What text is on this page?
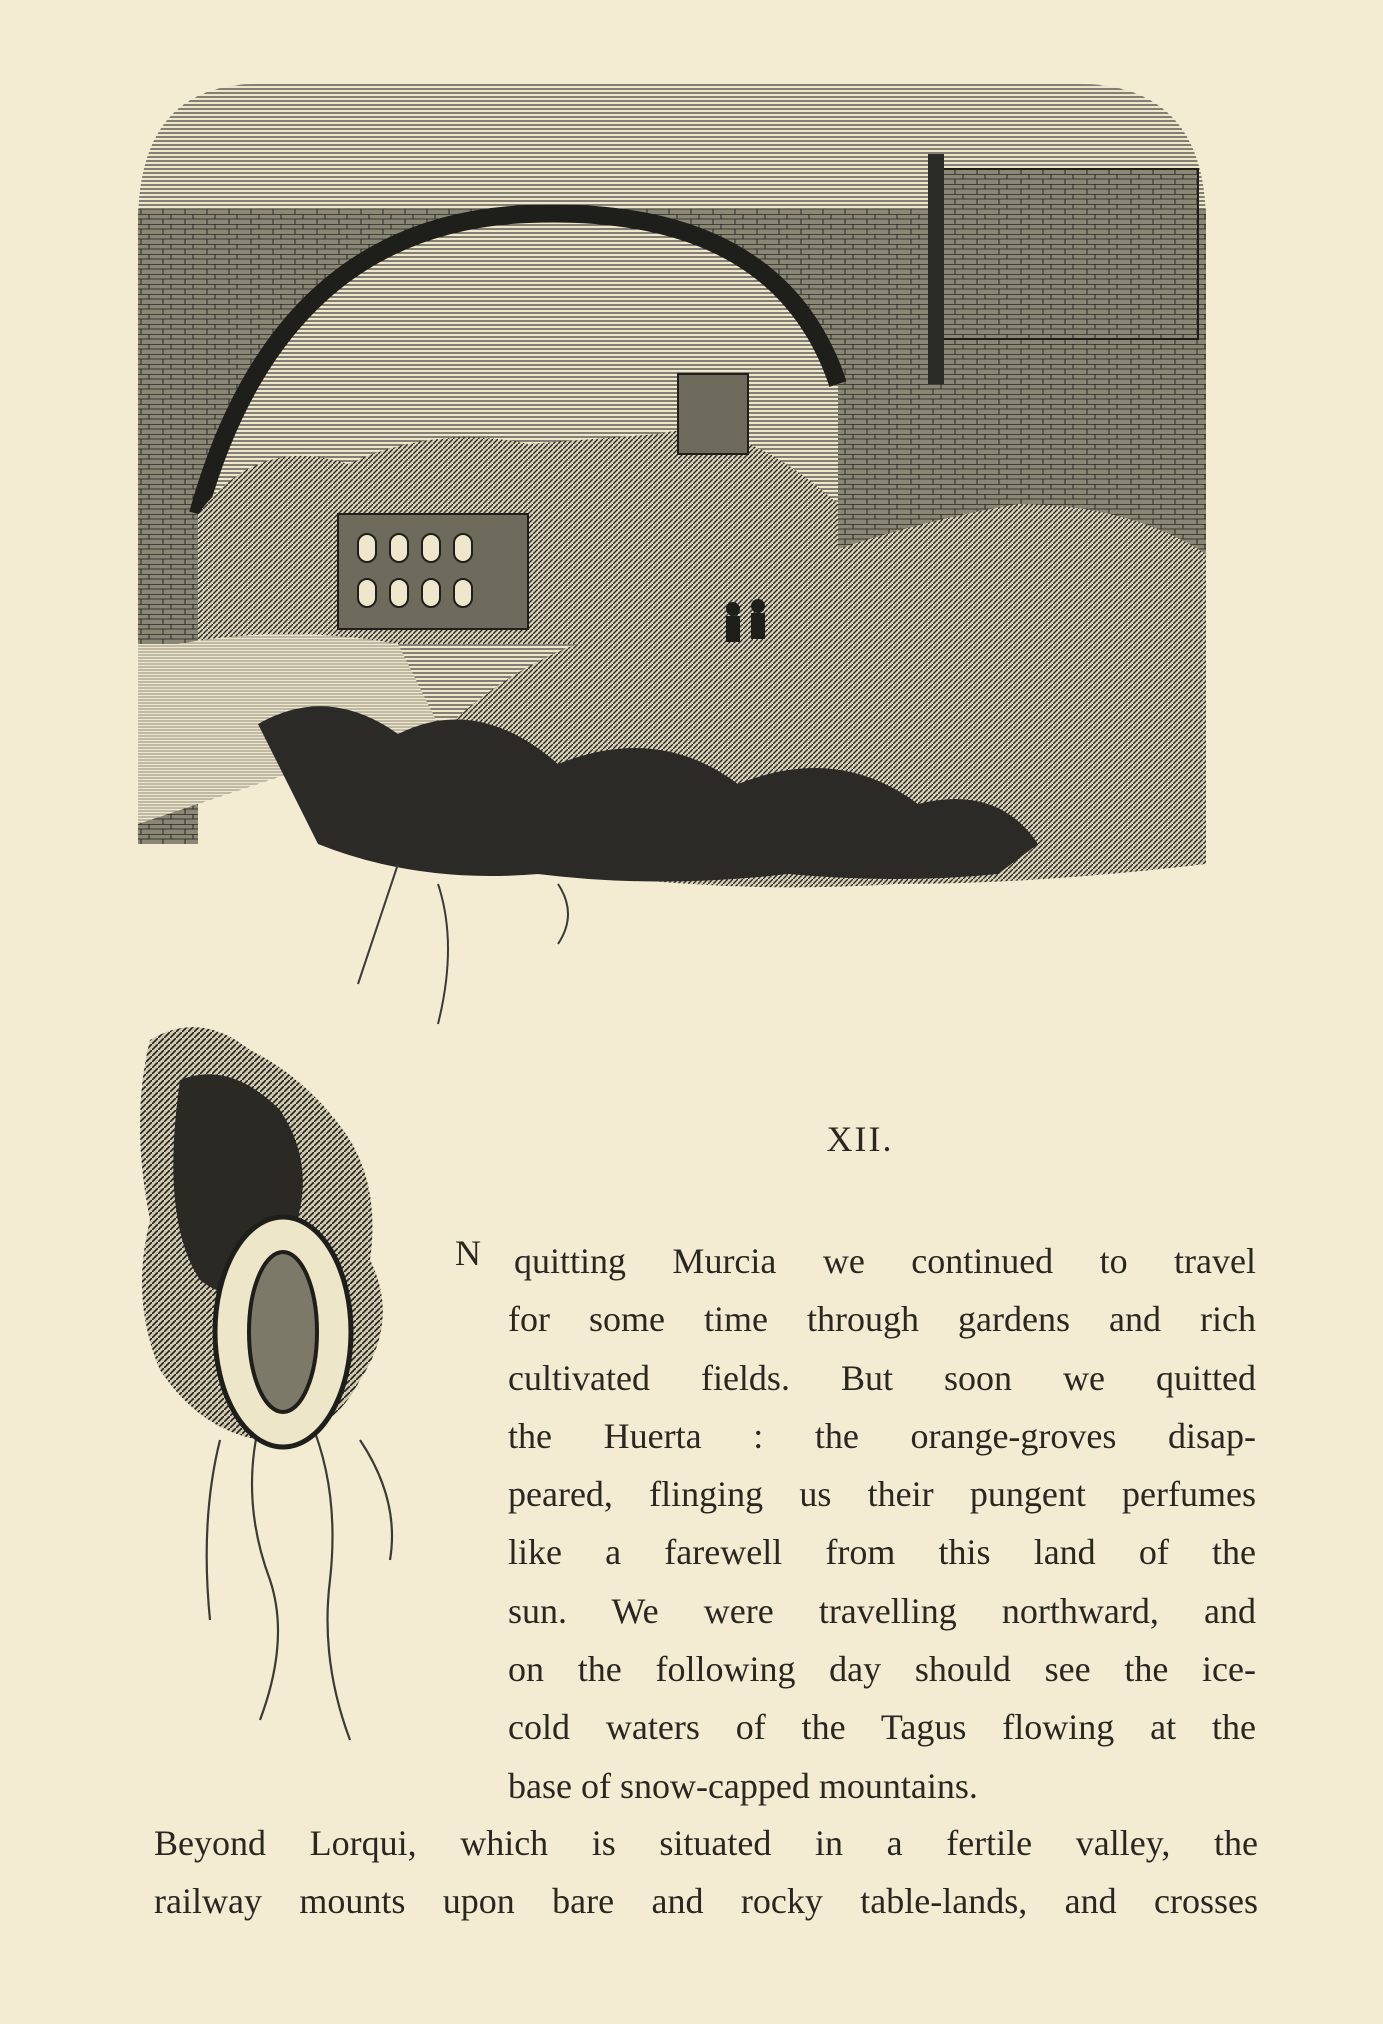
XII.
O
N quitting Murcia we continued to travel
for some time through gardens and rich
cultivated fields. But soon we quitted
the Huerta : the orange-groves disap-
peared, flinging us their pungent perfumes
like a farewell from this land of the
sun. We were travelling northward, and
on the following day should see the ice-
cold waters of the Tagus flowing at the
base of snow-capped mountains.
Beyond Lorqui, which is situated in a fertile valley, the
railway mounts upon bare and rocky table-lands, and crosses
